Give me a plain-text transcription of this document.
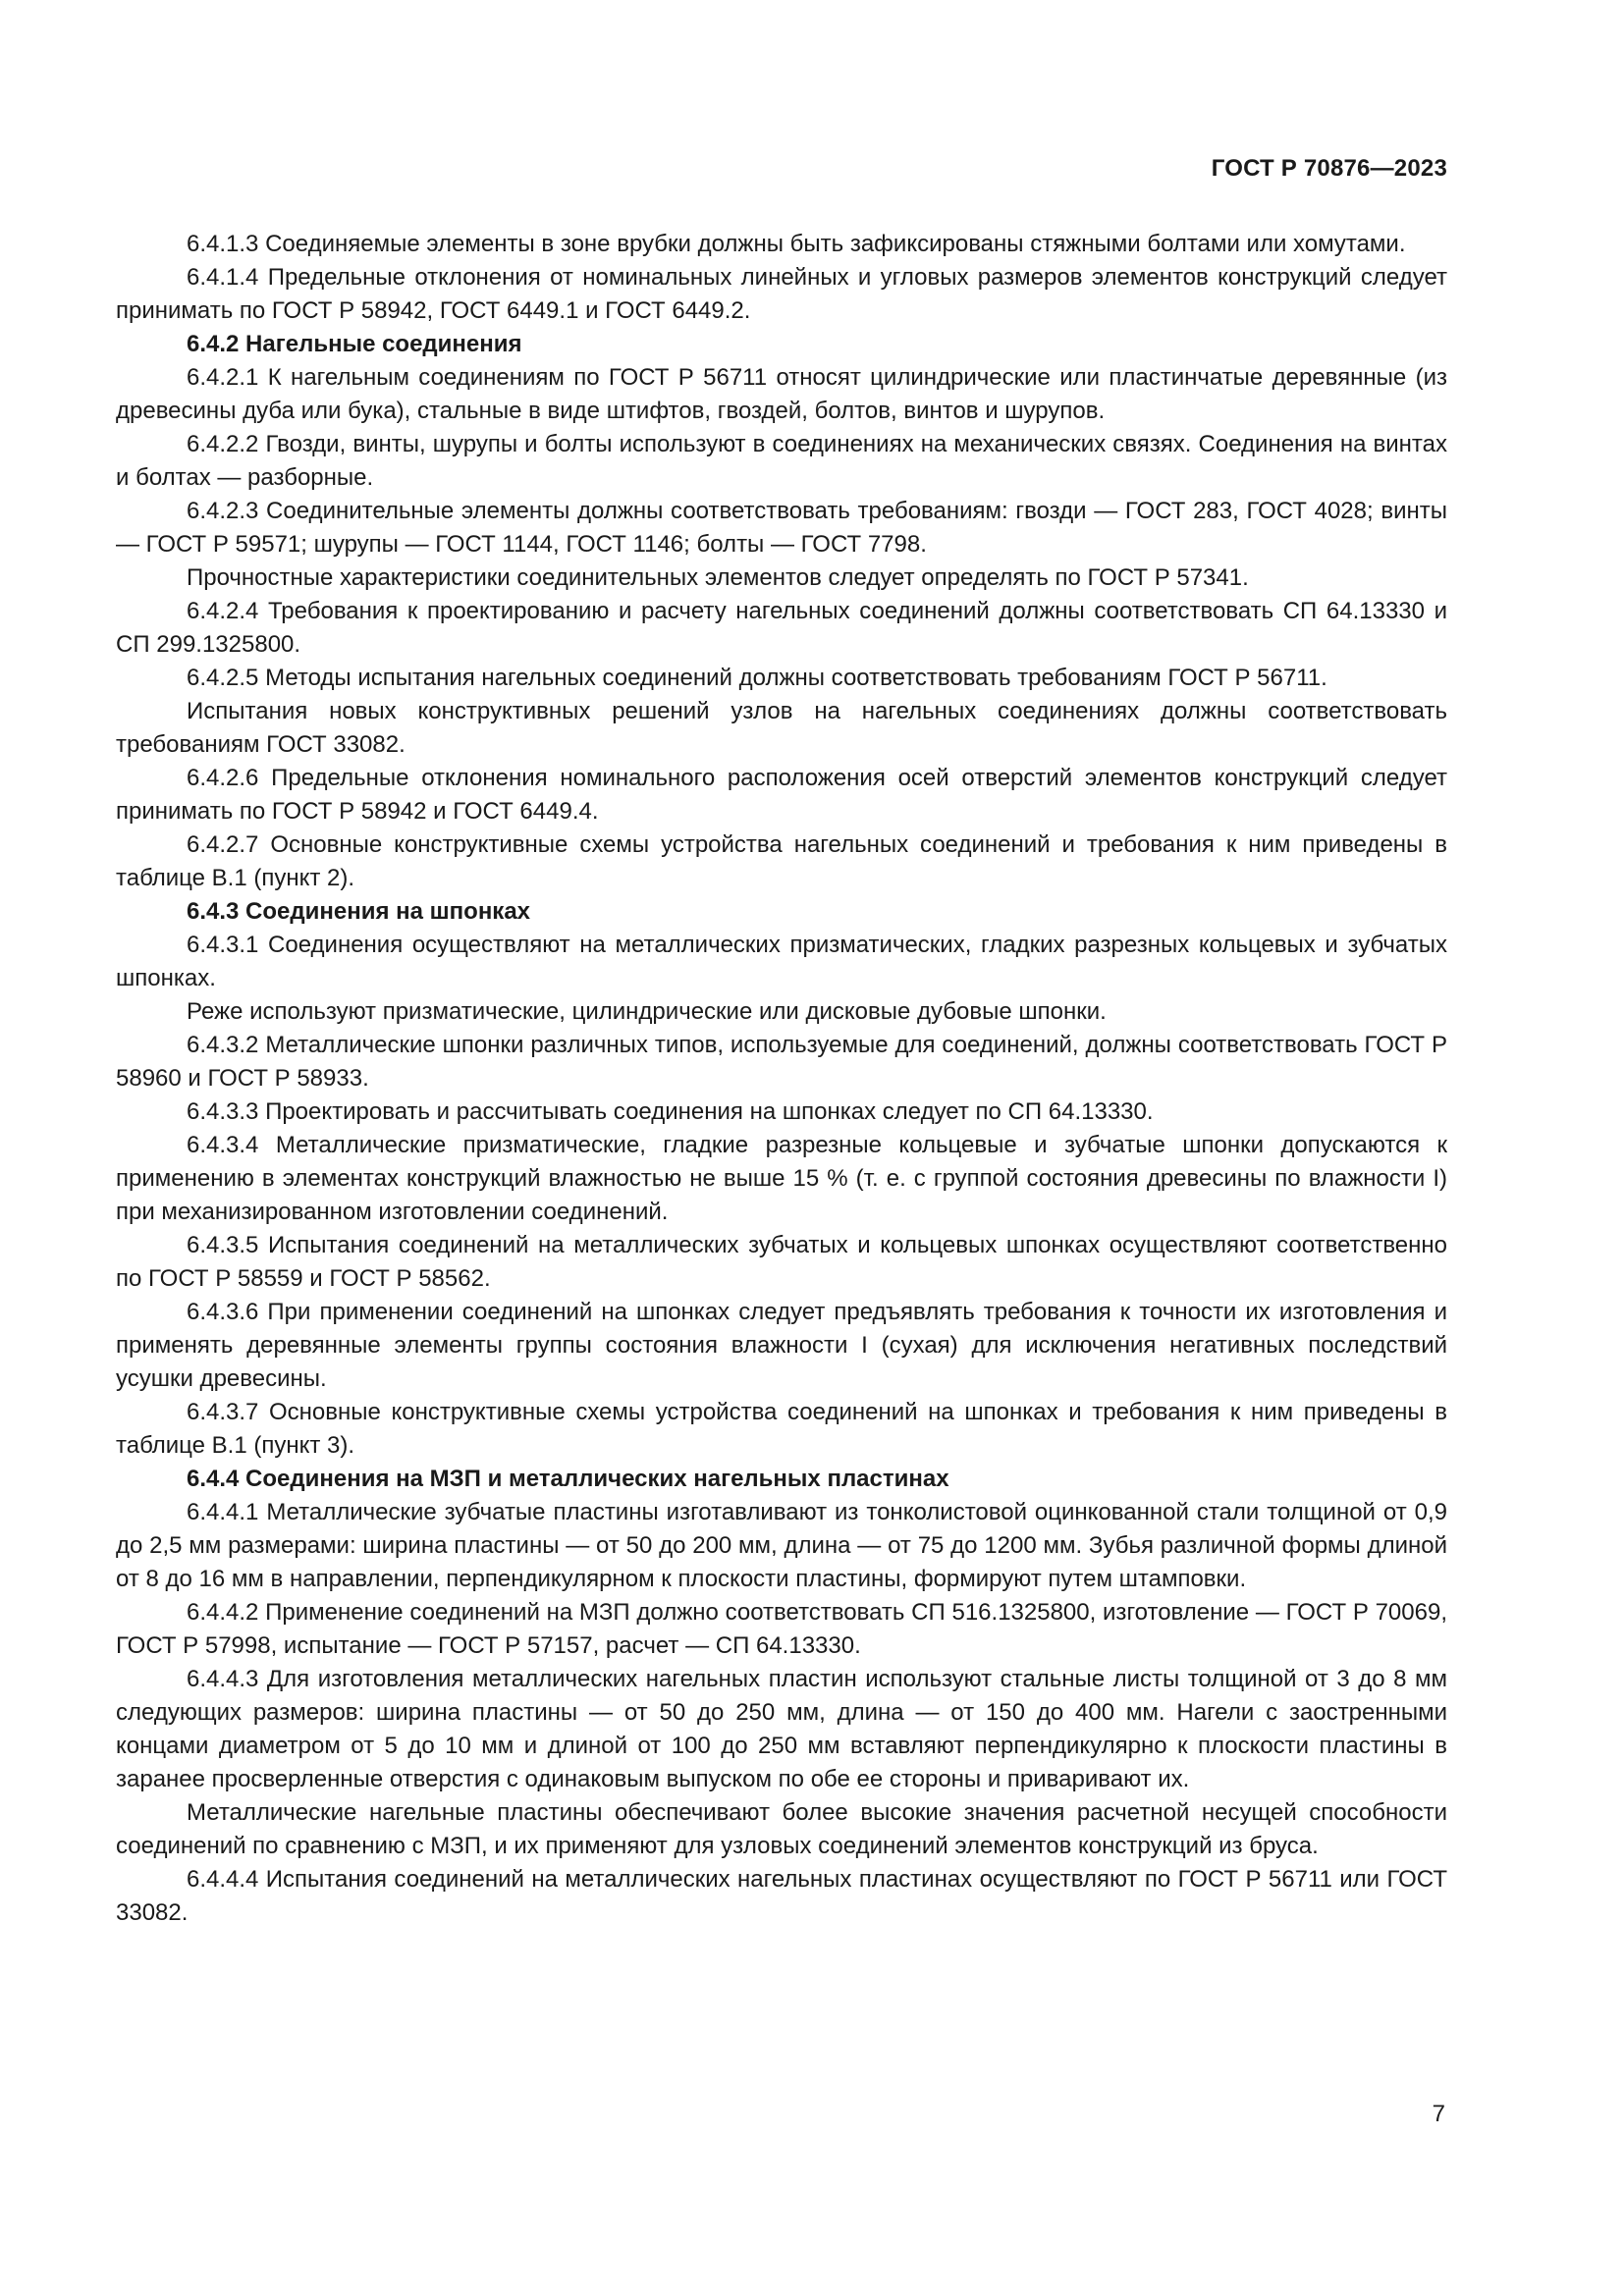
ГОСТ Р 70876—2023

6.4.1.3 Соединяемые элементы в зоне врубки должны быть зафиксированы стяжными болтами или хомутами.

6.4.1.4 Предельные отклонения от номинальных линейных и угловых размеров элементов конструкций следует принимать по ГОСТ Р 58942, ГОСТ 6449.1 и ГОСТ 6449.2.

6.4.2 Нагельные соединения

6.4.2.1 К нагельным соединениям по ГОСТ Р 56711 относят цилиндрические или пластинчатые деревянные (из древесины дуба или бука), стальные в виде штифтов, гвоздей, болтов, винтов и шурупов.

6.4.2.2 Гвозди, винты, шурупы и болты используют в соединениях на механических связях. Соединения на винтах и болтах — разборные.

6.4.2.3 Соединительные элементы должны соответствовать требованиям: гвозди — ГОСТ 283, ГОСТ 4028; винты — ГОСТ Р 59571; шурупы — ГОСТ 1144, ГОСТ 1146; болты — ГОСТ 7798.

Прочностные характеристики соединительных элементов следует определять по ГОСТ Р 57341.

6.4.2.4 Требования к проектированию и расчету нагельных соединений должны соответствовать СП 64.13330 и СП 299.1325800.

6.4.2.5 Методы испытания нагельных соединений должны соответствовать требованиям ГОСТ Р 56711.

Испытания новых конструктивных решений узлов на нагельных соединениях должны соответствовать требованиям ГОСТ 33082.

6.4.2.6 Предельные отклонения номинального расположения осей отверстий элементов конструкций следует принимать по ГОСТ Р 58942 и ГОСТ 6449.4.

6.4.2.7 Основные конструктивные схемы устройства нагельных соединений и требования к ним приведены в таблице В.1 (пункт 2).

6.4.3 Соединения на шпонках

6.4.3.1 Соединения осуществляют на металлических призматических, гладких разрезных кольцевых и зубчатых шпонках.

Реже используют призматические, цилиндрические или дисковые дубовые шпонки.

6.4.3.2 Металлические шпонки различных типов, используемые для соединений, должны соответствовать ГОСТ Р 58960 и ГОСТ Р 58933.

6.4.3.3 Проектировать и рассчитывать соединения на шпонках следует по СП 64.13330.

6.4.3.4 Металлические призматические, гладкие разрезные кольцевые и зубчатые шпонки допускаются к применению в элементах конструкций влажностью не выше 15 % (т. е. с группой состояния древесины по влажности I) при механизированном изготовлении соединений.

6.4.3.5 Испытания соединений на металлических зубчатых и кольцевых шпонках осуществляют соответственно по ГОСТ Р 58559 и ГОСТ Р 58562.

6.4.3.6 При применении соединений на шпонках следует предъявлять требования к точности их изготовления и применять деревянные элементы группы состояния влажности I (сухая) для исключения негативных последствий усушки древесины.

6.4.3.7 Основные конструктивные схемы устройства соединений на шпонках и требования к ним приведены в таблице В.1 (пункт 3).

6.4.4 Соединения на МЗП и металлических нагельных пластинах

6.4.4.1 Металлические зубчатые пластины изготавливают из тонколистовой оцинкованной стали толщиной от 0,9 до 2,5 мм размерами: ширина пластины — от 50 до 200 мм, длина — от 75 до 1200 мм. Зубья различной формы длиной от 8 до 16 мм в направлении, перпендикулярном к плоскости пластины, формируют путем штамповки.

6.4.4.2 Применение соединений на МЗП должно соответствовать СП 516.1325800, изготовление — ГОСТ Р 70069, ГОСТ Р 57998, испытание — ГОСТ Р 57157, расчет — СП 64.13330.

6.4.4.3 Для изготовления металлических нагельных пластин используют стальные листы толщиной от 3 до 8 мм следующих размеров: ширина пластины — от 50 до 250 мм, длина — от 150 до 400 мм. Нагели с заостренными концами диаметром от 5 до 10 мм и длиной от 100 до 250 мм вставляют перпендикулярно к плоскости пластины в заранее просверленные отверстия с одинаковым выпуском по обе ее стороны и приваривают их.

Металлические нагельные пластины обеспечивают более высокие значения расчетной несущей способности соединений по сравнению с МЗП, и их применяют для узловых соединений элементов конструкций из бруса.

6.4.4.4 Испытания соединений на металлических нагельных пластинах осуществляют по ГОСТ Р 56711 или ГОСТ 33082.

7
